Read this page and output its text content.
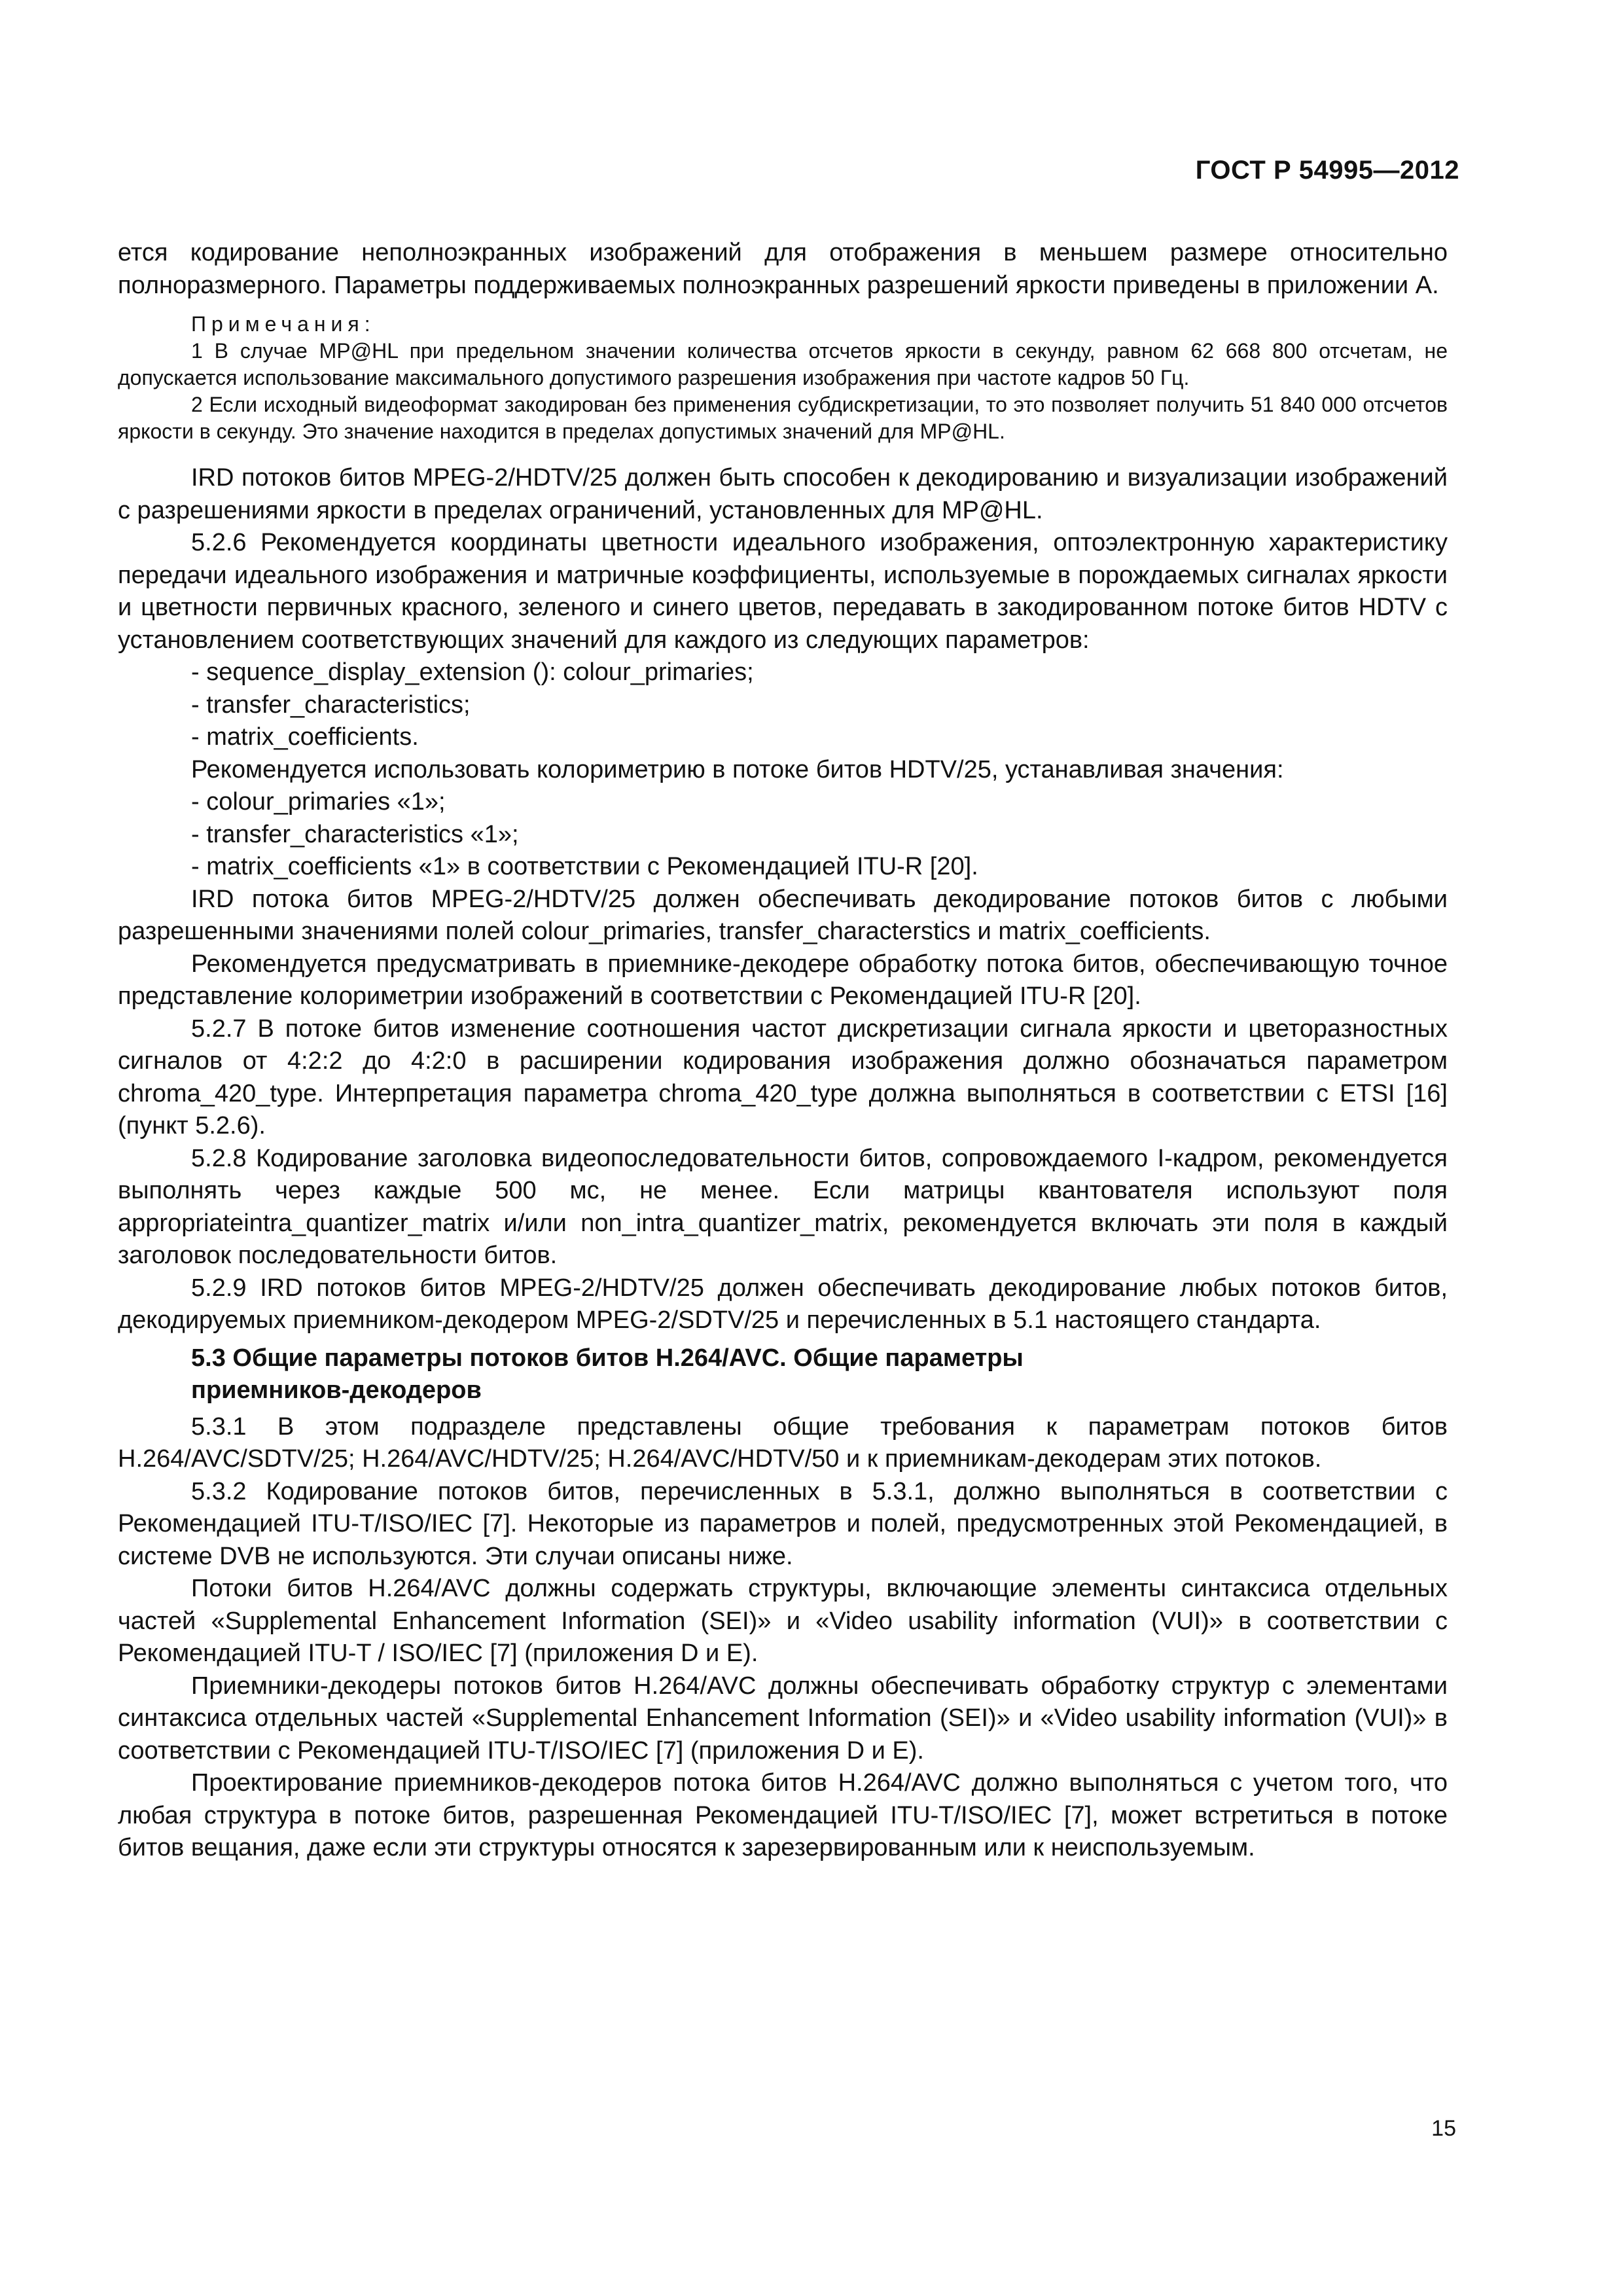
ГОСТ Р 54995—2012

ется кодирование неполноэкранных изображений для отображения в меньшем размере относительно полноразмерного. Параметры поддерживаемых полноэкранных разрешений яркости приведены в приложении А.

Примечания:

1 В случае MP@HL при предельном значении количества отсчетов яркости в секунду, равном 62 668 800 отсчетам, не допускается использование максимального допустимого разрешения изображения при частоте кадров 50 Гц.

2 Если исходный видеоформат закодирован без применения субдискретизации, то это позволяет получить 51 840 000 отсчетов яркости в секунду. Это значение находится в пределах допустимых значений для MP@HL.

IRD потоков битов MPEG-2/HDTV/25 должен быть способен к декодированию и визуализации изображений с разрешениями яркости в пределах ограничений, установленных для MP@HL.

5.2.6 Рекомендуется координаты цветности идеального изображения, оптоэлектронную характеристику передачи идеального изображения и матричные коэффициенты, используемые в порождаемых сигналах яркости и цветности первичных красного, зеленого и синего цветов, передавать в закодированном потоке битов HDTV с установлением соответствующих значений для каждого из следующих параметров:

- sequence_display_extension (): colour_primaries;

- transfer_characteristics;

- matrix_coefficients.

Рекомендуется использовать колориметрию в потоке битов HDTV/25, устанавливая значения:

- colour_primaries «1»;

- transfer_characteristics «1»;

- matrix_coefficients «1» в соответствии с Рекомендацией ITU-R [20].

IRD потока битов MPEG-2/HDTV/25 должен обеспечивать декодирование потоков битов с любыми разрешенными значениями полей colour_primaries, transfer_characterstics и matrix_coefficients.

Рекомендуется предусматривать в приемнике-декодере обработку потока битов, обеспечивающую точное представление колориметрии изображений в соответствии с Рекомендацией ITU-R [20].

5.2.7 В потоке битов изменение соотношения частот дискретизации сигнала яркости и цветоразностных сигналов от 4:2:2 до 4:2:0 в расширении кодирования изображения должно обозначаться параметром chroma_420_type. Интерпретация параметра chroma_420_type должна выполняться в соответствии с ETSI [16] (пункт 5.2.6).

5.2.8 Кодирование заголовка видеопоследовательности битов, сопровождаемого I-кадром, рекомендуется выполнять через каждые 500 мс, не менее. Если матрицы квантователя используют поля appropriateintra_quantizer_matrix и/или non_intra_quantizer_matrix, рекомендуется включать эти поля в каждый заголовок последовательности битов.

5.2.9 IRD потоков битов MPEG-2/HDTV/25 должен обеспечивать декодирование любых потоков битов, декодируемых приемником-декодером MPEG-2/SDTV/25 и перечисленных в 5.1 настоящего стандарта.

5.3 Общие параметры потоков битов H.264/AVC. Общие параметры
приемников-декодеров

5.3.1 В этом подразделе представлены общие требования к параметрам потоков битов H.264/AVC/SDTV/25; H.264/AVC/HDTV/25; H.264/AVC/HDTV/50 и к приемникам-декодерам этих потоков.

5.3.2 Кодирование потоков битов, перечисленных в 5.3.1, должно выполняться в соответствии с Рекомендацией ITU-T/ISO/IEC [7]. Некоторые из параметров и полей, предусмотренных этой Рекомендацией, в системе DVB не используются. Эти случаи описаны ниже.

Потоки битов H.264/AVC должны содержать структуры, включающие элементы синтаксиса отдельных частей «Supplemental Enhancement Information (SEI)» и «Video usability information (VUI)» в соответствии с Рекомендацией ITU-T / ISO/IEC [7] (приложения D и E).

Приемники-декодеры потоков битов H.264/AVC должны обеспечивать обработку структур с элементами синтаксиса отдельных частей «Supplemental Enhancement Information (SEI)» и «Video usability information (VUI)» в соответствии с Рекомендацией ITU-T/ISO/IEC [7] (приложения D и E).

Проектирование приемников-декодеров потока битов H.264/AVC должно выполняться с учетом того, что любая структура в потоке битов, разрешенная Рекомендацией ITU-T/ISO/IEC [7], может встретиться в потоке битов вещания, даже если эти структуры относятся к зарезервированным или к неиспользуемым.

15
